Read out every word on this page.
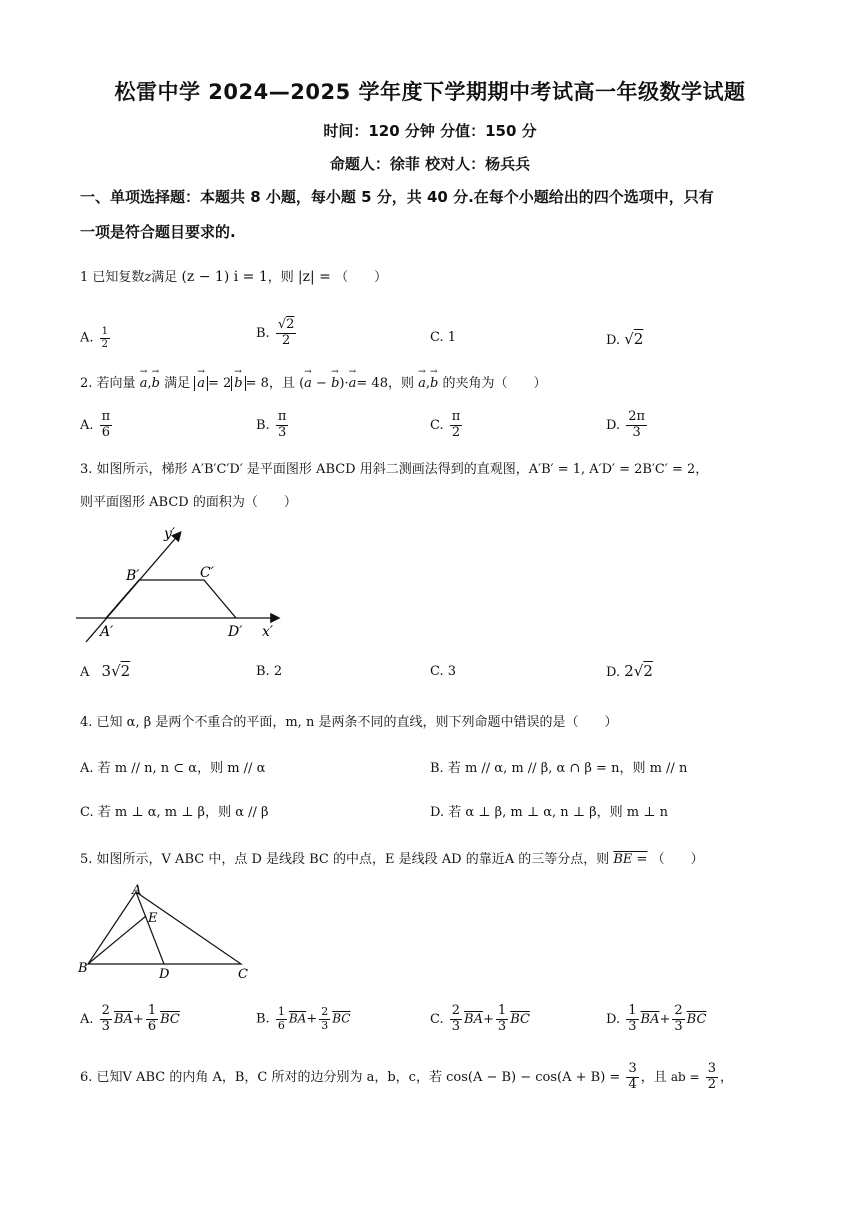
松雷中学 2024—2025 学年度下学期期中考试高一年级数学试题
时间：120 分钟 分值：150 分
命题人：徐菲 校对人：杨兵兵
一、单项选择题：本题共 8 小题，每小题 5 分，共 40 分.在每个小题给出的四个选项中，只有
一项是符合题目要求的.
1 已知复数z满足 (z − 1) i = 1，则 |z| = （　　）
A. $\frac{1}{2}$	B. $\frac{√2}{2}$	C. 1	D. √2
2. 若向量 → a,→ b 满足 → a = 2 → b = 8，且 (→ a − → b)·→ a= 48，则 → a,→ b 的夹角为（　　）
A. $\frac{\pi}{6}$	B. $\frac{\pi}{3}$	C. $\frac{\pi}{2}$	D. $\frac{2\pi}{3}$
3. 如图所示，梯形 A′B′C′D′ 是平面图形 ABCD 用斜二测画法得到的直观图，A′B′ = 1, A′D′ = 2B′C′ = 2，
则平面图形 ABCD 的面积为（　　）
y′
x′
A′
B′	C′
D′
A 3√2	B. 2	C. 3	D. 2√2
4. 已知 α, β 是两个不重合的平面，m, n 是两条不同的直线，则下列命题中错误的是（　　）
A. 若 m // n, n ⊂ α，则 m // α	B. 若 m // α, m // β, α ∩ β = n，则 m // n
C. 若 m ⊥ α, m ⊥ β，则 α // β	D. 若 α ⊥ β, m ⊥ α, n ⊥ β，则 m ⊥ n
5. 如图所示，V ABC 中，点 D 是线段 BC 的中点，E 是线段 AD 的靠近A 的三等分点，则 BE = （　　）
A
B	C
D
E
A. $\frac{2}{3} \overline{BA}+ \frac{1}{6} \overline{BC}$	B. $\frac{1}{6} \overline{BA}+ \frac{2}{3} \overline{BC}$	C. $\frac{2}{3} \overline{BA}+ \frac{1}{3} \overline{BC}$	D. $\frac{1}{3} \overline{BA}+ \frac{2}{3} \overline{BC}$
6. 已知V ABC 的内角 A，B，C 所对的边分别为 a，b，c，若 $\cos(A - B) - \cos(A + B) = \frac{3}{4}$ ，且 ab = $\frac{3}{2}$ ，
